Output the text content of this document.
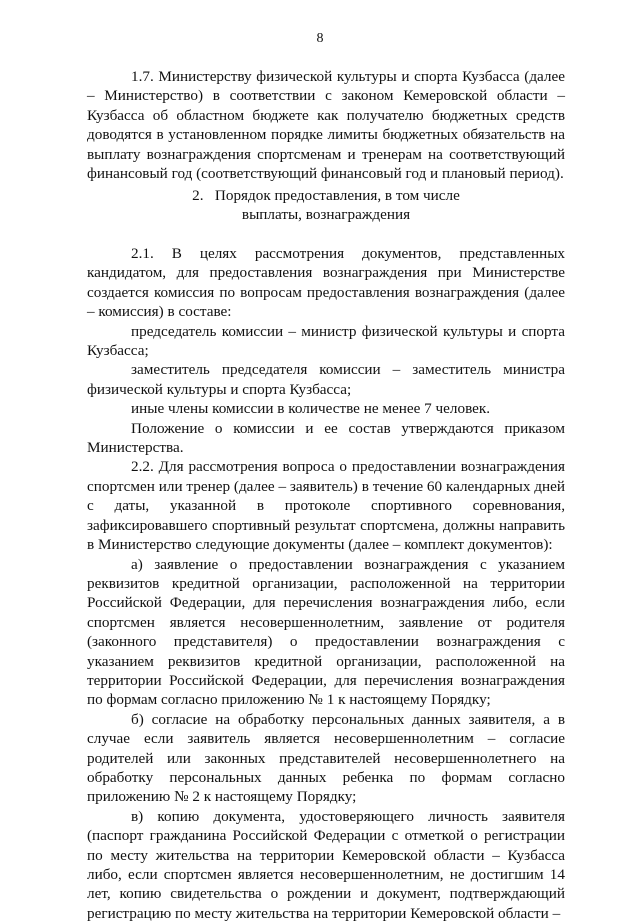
8

1.7. Министерству физической культуры и спорта Кузбасса (далее – Министерство) в соответствии с законом Кемеровской области – Кузбасса об областном бюджете как получателю бюджетных средств доводятся в установленном порядке лимиты бюджетных обязательств на выплату вознаграждения спортсменам и тренерам на соответствующий финансовый год (соответствующий финансовый год и плановый период).

2.   Порядок предоставления, в том числе
выплаты, вознаграждения

2.1. В целях рассмотрения документов, представленных кандидатом, для предоставления вознаграждения при Министерстве создается комиссия по вопросам предоставления вознаграждения (далее – комиссия) в составе:

председатель комиссии – министр физической культуры и спорта Кузбасса;

заместитель председателя комиссии – заместитель министра физической культуры и спорта Кузбасса;

иные члены комиссии в количестве не менее 7 человек.

Положение о комиссии и ее состав утверждаются приказом Министерства.

2.2. Для рассмотрения вопроса о предоставлении вознаграждения спортсмен или тренер (далее – заявитель) в течение 60 календарных дней с даты, указанной в протоколе спортивного соревнования, зафиксировавшего спортивный результат спортсмена, должны направить в Министерство следующие документы (далее – комплект документов):

а) заявление о предоставлении вознаграждения с указанием реквизитов кредитной организации, расположенной на территории Российской Федерации, для перечисления вознаграждения либо, если спортсмен является несовершеннолетним, заявление от родителя (законного представителя) о предоставлении вознаграждения с указанием реквизитов кредитной организации, расположенной на территории Российской Федерации, для перечисления вознаграждения по формам согласно приложению № 1 к настоящему Порядку;

б) согласие на обработку персональных данных заявителя, а в случае если заявитель является несовершеннолетним – согласие родителей или законных представителей несовершеннолетнего на обработку персональных данных ребенка по формам согласно приложению № 2 к настоящему Порядку;

в) копию документа, удостоверяющего личность заявителя (паспорт гражданина Российской Федерации с отметкой о регистрации по месту жительства на территории Кемеровской области – Кузбасса либо, если спортсмен является несовершеннолетним, не достигшим 14 лет, копию свидетельства о рождении и документ, подтверждающий регистрацию по месту жительства на территории Кемеровской области –
